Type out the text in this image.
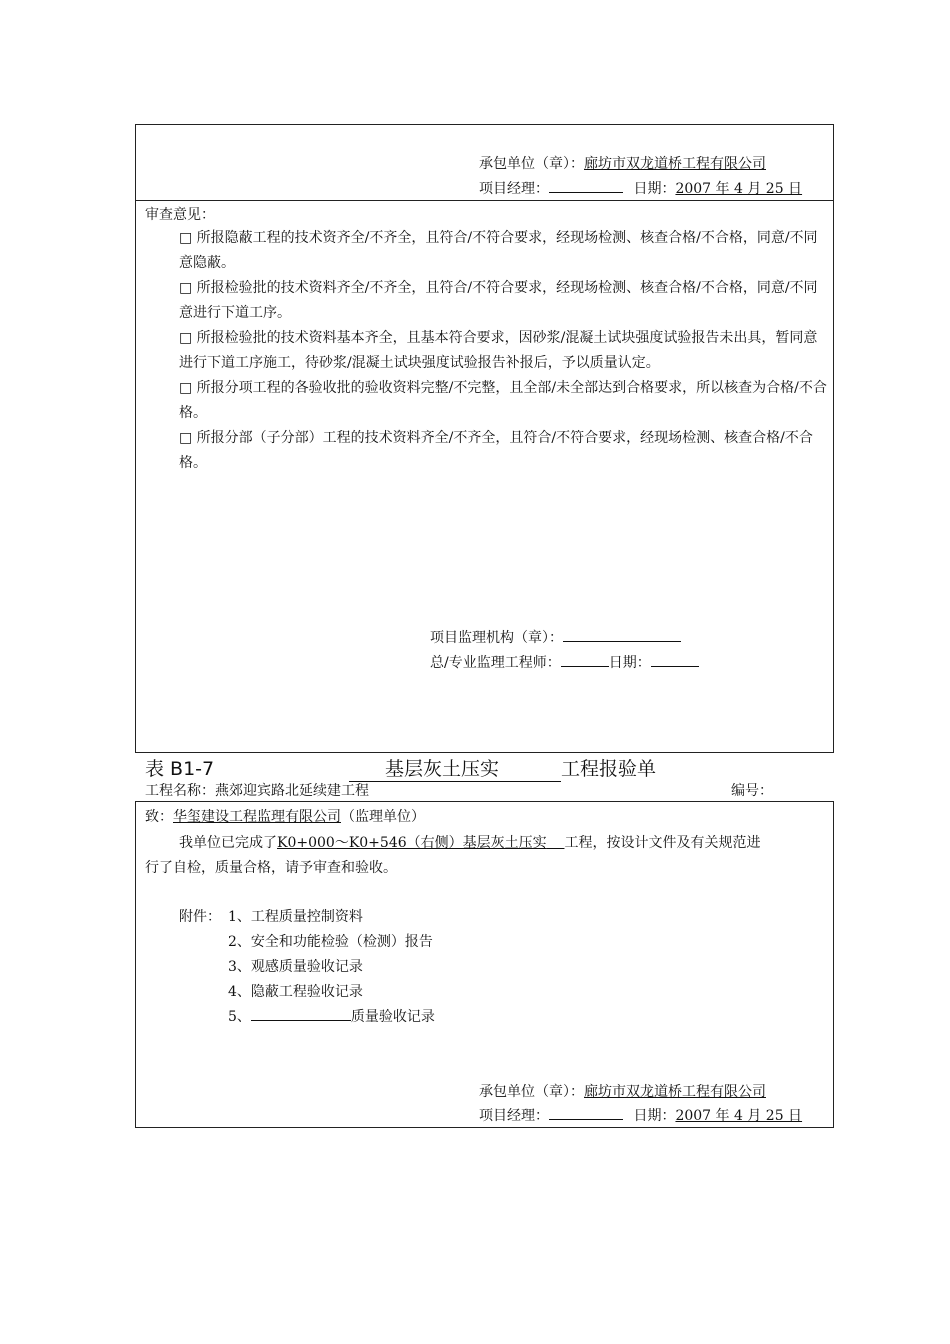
承包单位（章）：廊坊市双龙道桥工程有限公司
项目经理：	日期：2007 年 4 月 25 日
审查意见：
□ 所报隐蔽工程的技术资齐全/不齐全，且符合/不符合要求，经现场检测、核查合格/不合格，同意/不同意隐蔽。
□ 所报检验批的技术资料齐全/不齐全，且符合/不符合要求，经现场检测、核查合格/不合格，同意/不同意进行下道工序。
□ 所报检验批的技术资料基本齐全，且基本符合要求，因砂浆/混凝土试块强度试验报告未出具，暂同意进行下道工序施工，待砂浆/混凝土试块强度试验报告补报后，予以质量认定。
□ 所报分项工程的各验收批的验收资料完整/不完整，且全部/未全部达到合格要求，所以核查为合格/不合格。
□ 所报分部（子分部）工程的技术资料齐全/不齐全，且符合/不符合要求，经现场检测、核查合格/不合格。
项目监理机构（章）：
总/专业监理工程师：	日期：
表 B1-7	基层灰土压实	工程报验单
工程名称：燕郊迎宾路北延续建工程	编号：
致：华玺建设工程监理有限公司（监理单位）
我单位已完成了K0+000～K0+546（右侧）基层灰土压实 工程，按设计文件及有关规范进
行了自检，质量合格，请予审查和验收。
附件： 1、工程质量控制资料
2、安全和功能检验（检测）报告
3、观感质量验收记录
4、隐蔽工程验收记录
5、	质量验收记录
承包单位（章）：廊坊市双龙道桥工程有限公司
项目经理：	日期：2007 年 4 月 25 日
